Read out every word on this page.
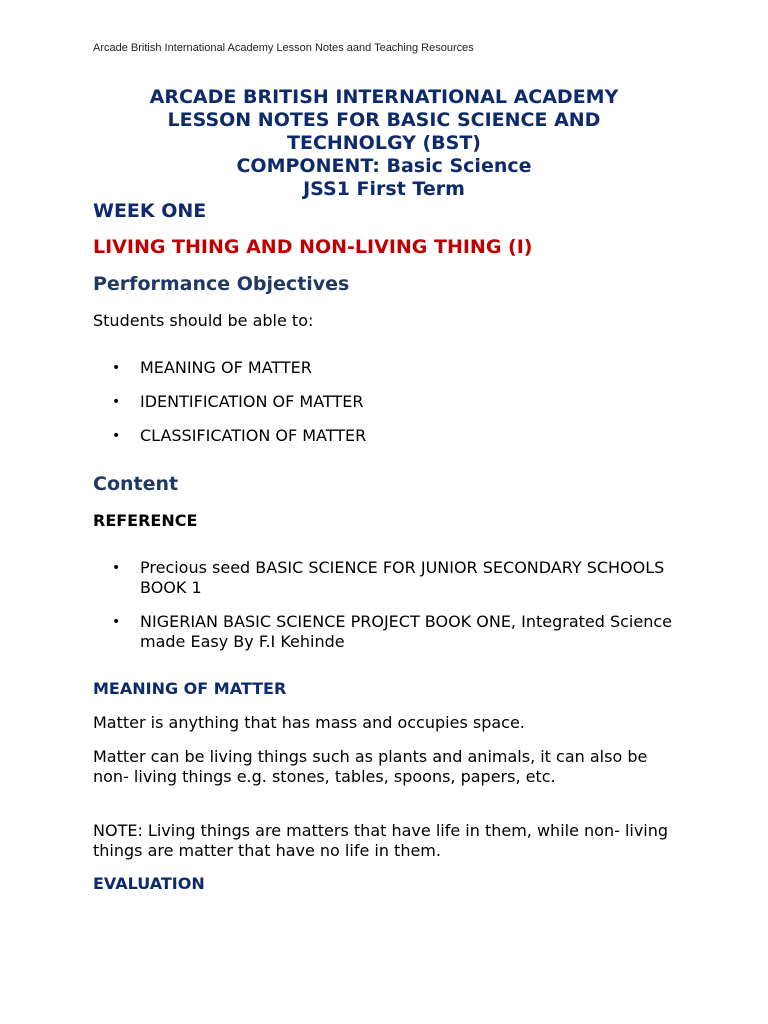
Arcade British International Academy Lesson Notes aand Teaching Resources
ARCADE BRITISH INTERNATIONAL ACADEMY
LESSON NOTES FOR BASIC SCIENCE AND
TECHNOLGY (BST)
COMPONENT: Basic Science
JSS1 First Term
WEEK ONE
LIVING THING AND NON-LIVING THING (I)
Performance Objectives
Students should be able to:
• MEANING OF MATTER
• IDENTIFICATION OF MATTER
• CLASSIFICATION OF MATTER
Content
REFERENCE
• Precious seed BASIC SCIENCE FOR JUNIOR SECONDARY SCHOOLS BOOK 1
• NIGERIAN BASIC SCIENCE PROJECT BOOK ONE, Integrated Science made Easy By F.I Kehinde
MEANING OF MATTER
Matter is anything that has mass and occupies space.
Matter can be living things such as plants and animals, it can also be non- living things e.g. stones, tables, spoons, papers, etc.
NOTE: Living things are matters that have life in them, while non- living things are matter that have no life in them.
EVALUATION
